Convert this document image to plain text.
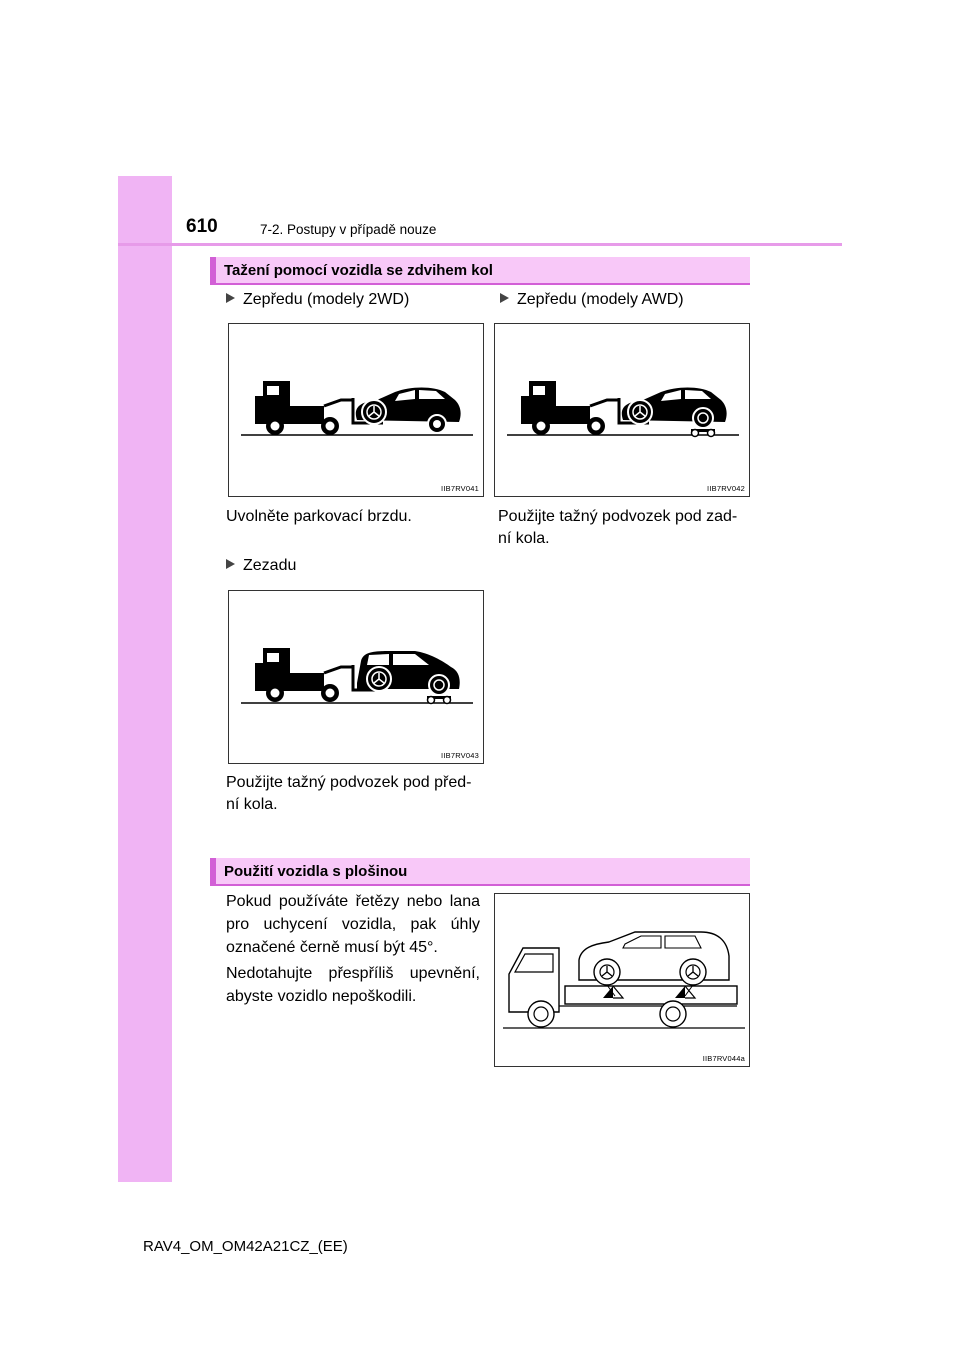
610	7-2. Postupy v případě nouze
Tažení pomocí vozidla se zdvihem kol
Zepředu (modely 2WD)	Zepředu (modely AWD)
IIB7RV041	IIB7RV042
Uvolněte parkovací brzdu.	Použijte tažný podvozek pod zad-
ní kola.
Zezadu
IIB7RV043
Použijte tažný podvozek pod před-
ní kola.
Použití vozidla s plošinou
Pokud používáte řetězy nebo lana pro uchycení vozidla, pak úhly označené černě musí být 45°.
Nedotahujte přespříliš upevnění, abyste vozidlo nepoškodili.
IIB7RV044a
RAV4_OM_OM42A21CZ_(EE)
